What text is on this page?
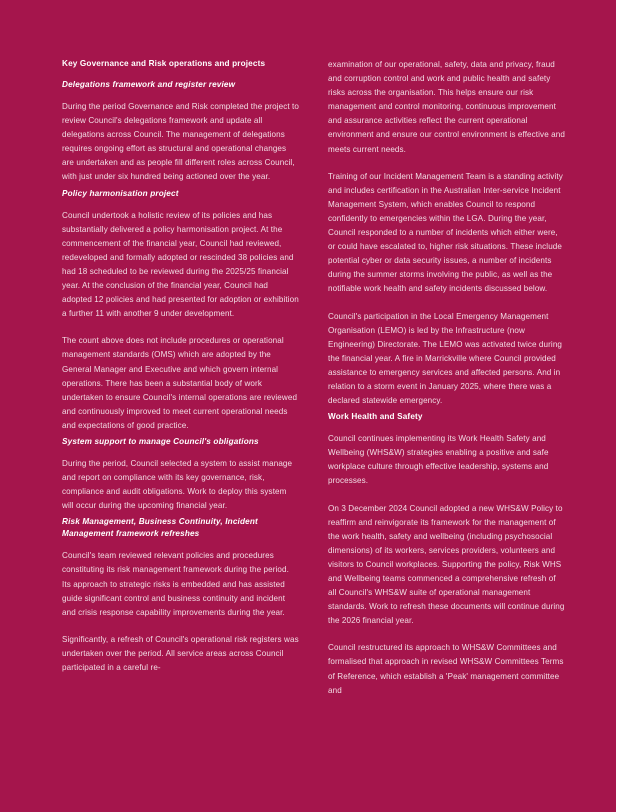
Key Governance and Risk operations and projects
Delegations framework and register review

During the period Governance and Risk completed the project to review Council's delegations framework and update all delegations across Council. The management of delegations requires ongoing effort as structural and operational changes are undertaken and as people fill different roles across Council, with just under six hundred being actioned over the year.

Policy harmonisation project

Council undertook a holistic review of its policies and has substantially delivered a policy harmonisation project. At the commencement of the financial year, Council had reviewed, redeveloped and formally adopted or rescinded 38 policies and had 18 scheduled to be reviewed during the 2025/25 financial year. At the conclusion of the financial year, Council had adopted 12 policies and had presented for adoption or exhibition a further 11 with another 9 under development.

The count above does not include procedures or operational management standards (OMS) which are adopted by the General Manager and Executive and which govern internal operations. There has been a substantial body of work undertaken to ensure Council's internal operations are reviewed and continuously improved to meet current operational needs and expectations of good practice.

System support to manage Council's obligations

During the period, Council selected a system to assist manage and report on compliance with its key governance, risk, compliance and audit obligations. Work to deploy this system will occur during the upcoming financial year.

Risk Management, Business Continuity, Incident Management framework refreshes

Council's team reviewed relevant policies and procedures constituting its risk management framework during the period. Its approach to strategic risks is embedded and has assisted guide significant control and business continuity and incident and crisis response capability improvements during the year.

Significantly, a refresh of Council's operational risk registers was undertaken over the period. All service areas across Council participated in a careful re-

examination of our operational, safety, data and privacy, fraud and corruption control and work and public health and safety risks across the organisation. This helps ensure our risk management and control monitoring, continuous improvement and assurance activities reflect the current operational environment and ensure our control environment is effective and meets current needs.

Training of our Incident Management Team is a standing activity and includes certification in the Australian Inter-service Incident Management System, which enables Council to respond confidently to emergencies within the LGA. During the year, Council responded to a number of incidents which either were, or could have escalated to, higher risk situations. These include potential cyber or data security issues, a number of incidents during the summer storms involving the public, as well as the notifiable work health and safety incidents discussed below.

Council's participation in the Local Emergency Management Organisation (LEMO) is led by the Infrastructure (now Engineering) Directorate. The LEMO was activated twice during the financial year. A fire in Marrickville where Council provided assistance to emergency services and affected persons. And in relation to a storm event in January 2025, where there was a declared statewide emergency.

Work Health and Safety

Council continues implementing its Work Health Safety and Wellbeing (WHS&W) strategies enabling a positive and safe workplace culture through effective leadership, systems and processes.

On 3 December 2024 Council adopted a new WHS&W Policy to reaffirm and reinvigorate its framework for the management of the work health, safety and wellbeing (including psychosocial dimensions) of its workers, services providers, volunteers and visitors to Council workplaces. Supporting the policy, Risk WHS and Wellbeing teams commenced a comprehensive refresh of all Council's WHS&W suite of operational management standards. Work to refresh these documents will continue during the 2026 financial year.

Council restructured its approach to WHS&W Committees and formalised that approach in revised WHS&W Committees Terms of Reference, which establish a 'Peak' management committee and
